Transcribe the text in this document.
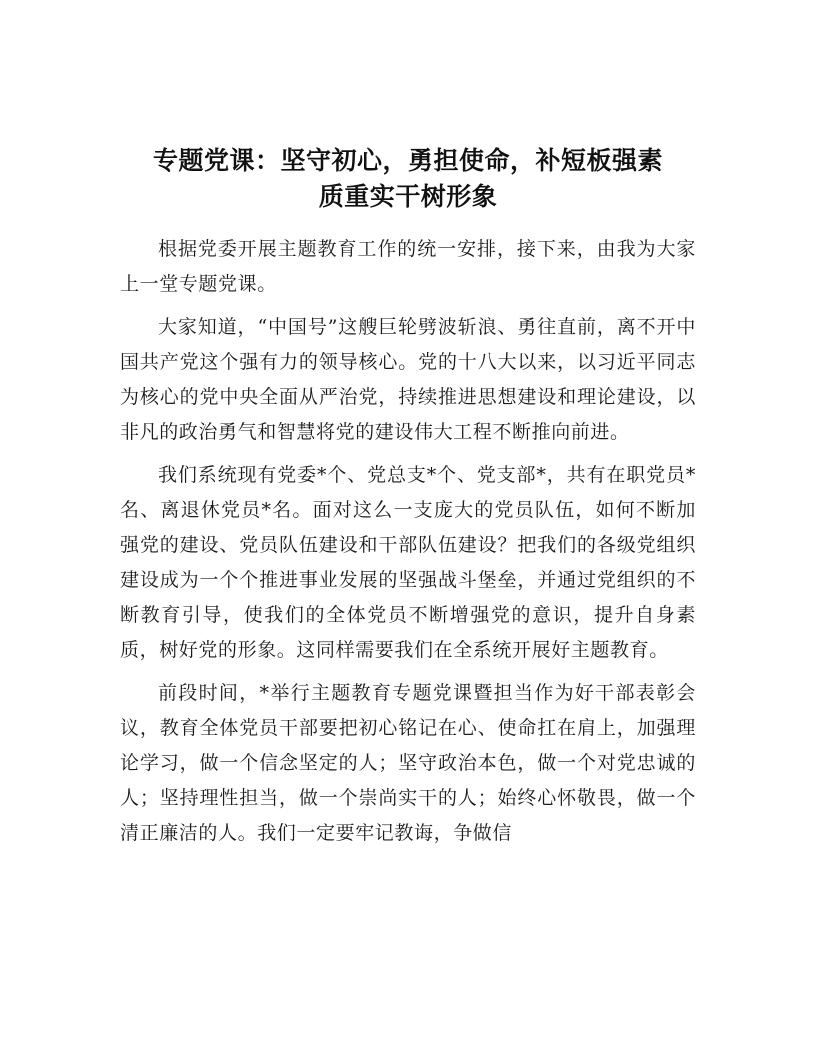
专题党课：坚守初心，勇担使命，补短板强素
质重实干树形象

根据党委开展主题教育工作的统一安排，接下来，由我为大家上一堂专题党课。

大家知道，“中国号”这艘巨轮劈波斩浪、勇往直前，离不开中国共产党这个强有力的领导核心。党的十八大以来，以习近平同志为核心的党中央全面从严治党，持续推进思想建设和理论建设，以非凡的政治勇气和智慧将党的建设伟大工程不断推向前进。

我们系统现有党委*个、党总支*个、党支部*，共有在职党员*名、离退休党员*名。面对这么一支庞大的党员队伍，如何不断加强党的建设、党员队伍建设和干部队伍建设？把我们的各级党组织建设成为一个个推进事业发展的坚强战斗堡垒，并通过党组织的不断教育引导，使我们的全体党员不断增强党的意识，提升自身素质，树好党的形象。这同样需要我们在全系统开展好主题教育。

前段时间，*举行主题教育专题党课暨担当作为好干部表彰会议，教育全体党员干部要把初心铭记在心、使命扛在肩上，加强理论学习，做一个信念坚定的人；坚守政治本色，做一个对党忠诚的人；坚持理性担当，做一个崇尚实干的人；始终心怀敬畏，做一个清正廉洁的人。我们一定要牢记教诲，争做信
